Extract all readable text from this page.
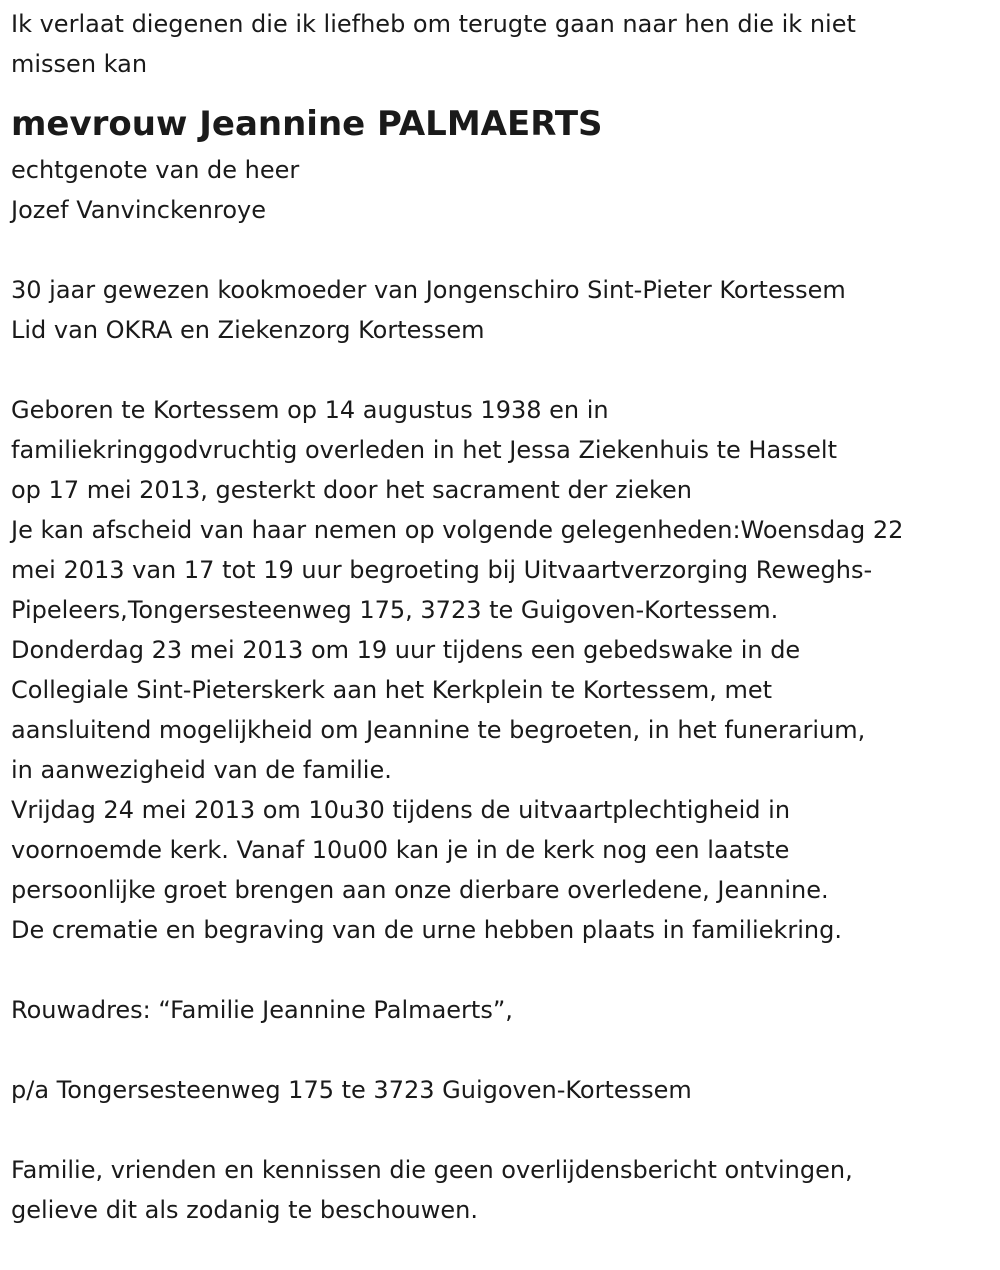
Ik verlaat diegenen die ik liefheb om terugte gaan naar hen die ik niet
missen kan
mevrouw Jeannine PALMAERTS
echtgenote van de heer
Jozef Vanvinckenroye
30 jaar gewezen kookmoeder van Jongenschiro Sint-Pieter Kortessem
Lid van OKRA en Ziekenzorg Kortessem
Geboren te Kortessem op 14 augustus 1938 en in
familiekringgodvruchtig overleden in het Jessa Ziekenhuis te Hasselt
op 17 mei 2013, gesterkt door het sacrament der zieken
Je kan afscheid van haar nemen op volgende gelegenheden:Woensdag 22
mei 2013 van 17 tot 19 uur begroeting bij Uitvaartverzorging Reweghs-
Pipeleers,Tongersesteenweg 175, 3723 te Guigoven-Kortessem.
Donderdag 23 mei 2013 om 19 uur tijdens een gebedswake in de
Collegiale Sint-Pieterskerk aan het Kerkplein te Kortessem, met
aansluitend mogelijkheid om Jeannine te begroeten, in het funerarium,
in aanwezigheid van de familie.
Vrijdag 24 mei 2013 om 10u30 tijdens de uitvaartplechtigheid in
voornoemde kerk. Vanaf 10u00 kan je in de kerk nog een laatste
persoonlijke groet brengen aan onze dierbare overledene, Jeannine.
De crematie en begraving van de urne hebben plaats in familiekring.
Rouwadres: “Familie Jeannine Palmaerts”,
p/a Tongersesteenweg 175 te 3723 Guigoven-Kortessem
Familie, vrienden en kennissen die geen overlijdensbericht ontvingen,
gelieve dit als zodanig te beschouwen.
